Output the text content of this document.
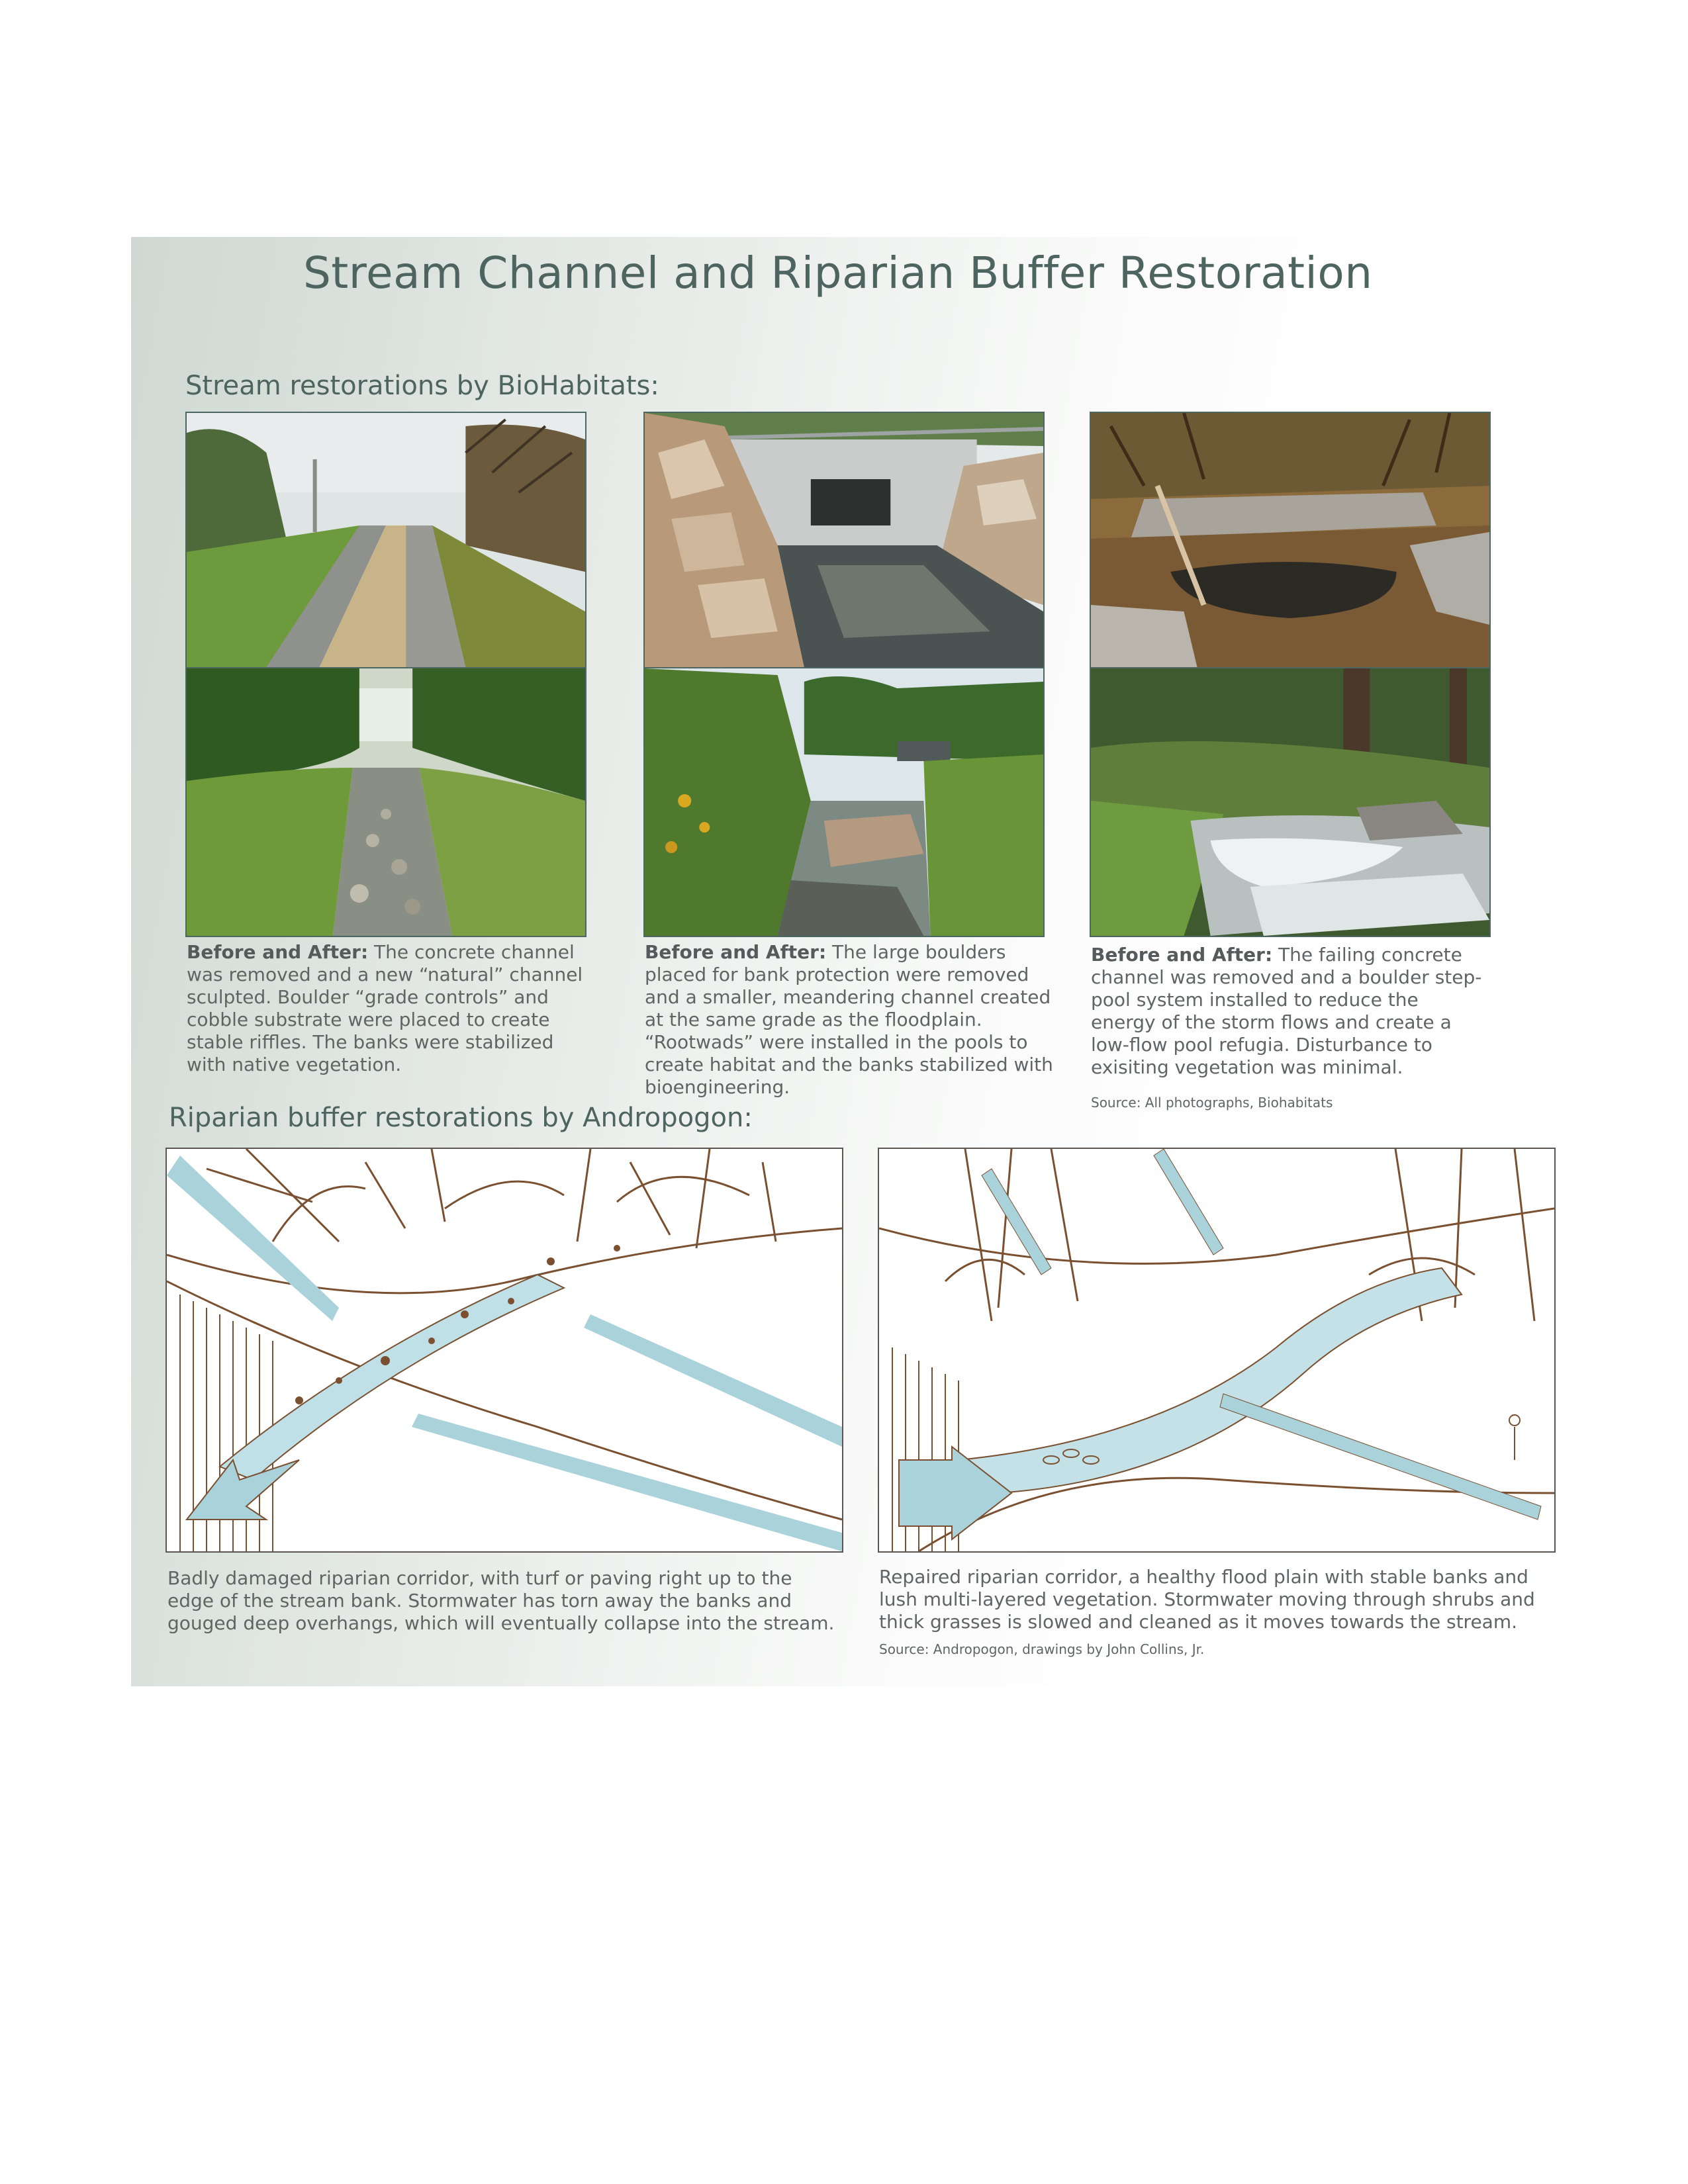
Stream Channel and Riparian Buffer Restoration
Stream restorations by BioHabitats:
Before and After: The concrete channel was removed and a new “natural” channel sculpted. Boulder “grade controls” and cobble substrate were placed to create stable riffles. The banks were stabilized with native vegetation.
Before and After: The large boulders placed for bank protection were removed and a smaller, meandering channel created at the same grade as the floodplain. “Rootwads” were installed in the pools to create habitat and the banks stabilized with bioengineering.
Before and After: The failing concrete channel was removed and a boulder step-pool system installed to reduce the energy of the storm flows and create a low-flow pool refugia. Disturbance to exisiting vegetation was minimal.
Source: All photographs, Biohabitats
Riparian buffer restorations by Andropogon:
Badly damaged riparian corridor, with turf or paving right up to the edge of the stream bank. Stormwater has torn away the banks and gouged deep overhangs, which will eventually collapse into the stream.
Repaired riparian corridor, a healthy flood plain with stable banks and lush multi-layered vegetation. Stormwater moving through shrubs and thick grasses is slowed and cleaned as it moves towards the stream.
Source: Andropogon, drawings by John Collins, Jr.
